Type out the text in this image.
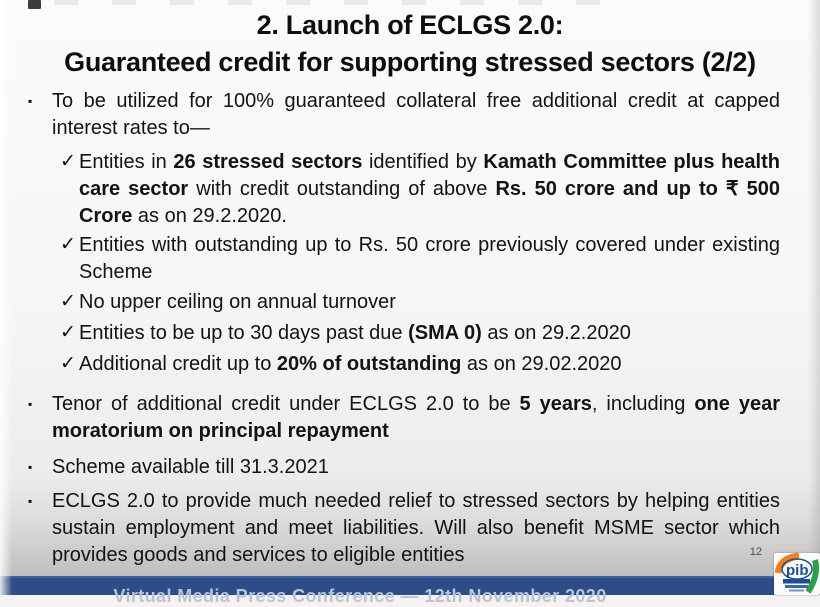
2. Launch of ECLGS 2.0:
Guaranteed credit for supporting stressed sectors (2/2)
▪ To be utilized for 100% guaranteed collateral free additional credit at capped interest rates to—
✓ Entities in 26 stressed sectors identified by Kamath Committee plus health care sector with credit outstanding of above Rs. 50 crore and up to ₹ 500 Crore as on 29.2.2020.
✓ Entities with outstanding up to Rs. 50 crore previously covered under existing Scheme
✓ No upper ceiling on annual turnover
✓ Entities to be up to 30 days past due (SMA 0) as on 29.2.2020
✓ Additional credit up to 20% of outstanding as on 29.02.2020
▪ Tenor of additional credit under ECLGS 2.0 to be 5 years, including one year moratorium on principal repayment
▪ Scheme available till 31.3.2021
▪ ECLGS 2.0 to provide much needed relief to stressed sectors by helping entities sustain employment and meet liabilities. Will also benefit MSME sector which provides goods and services to eligible entities	12
Virtual Media Press Conference — 12th November 2020
pib
